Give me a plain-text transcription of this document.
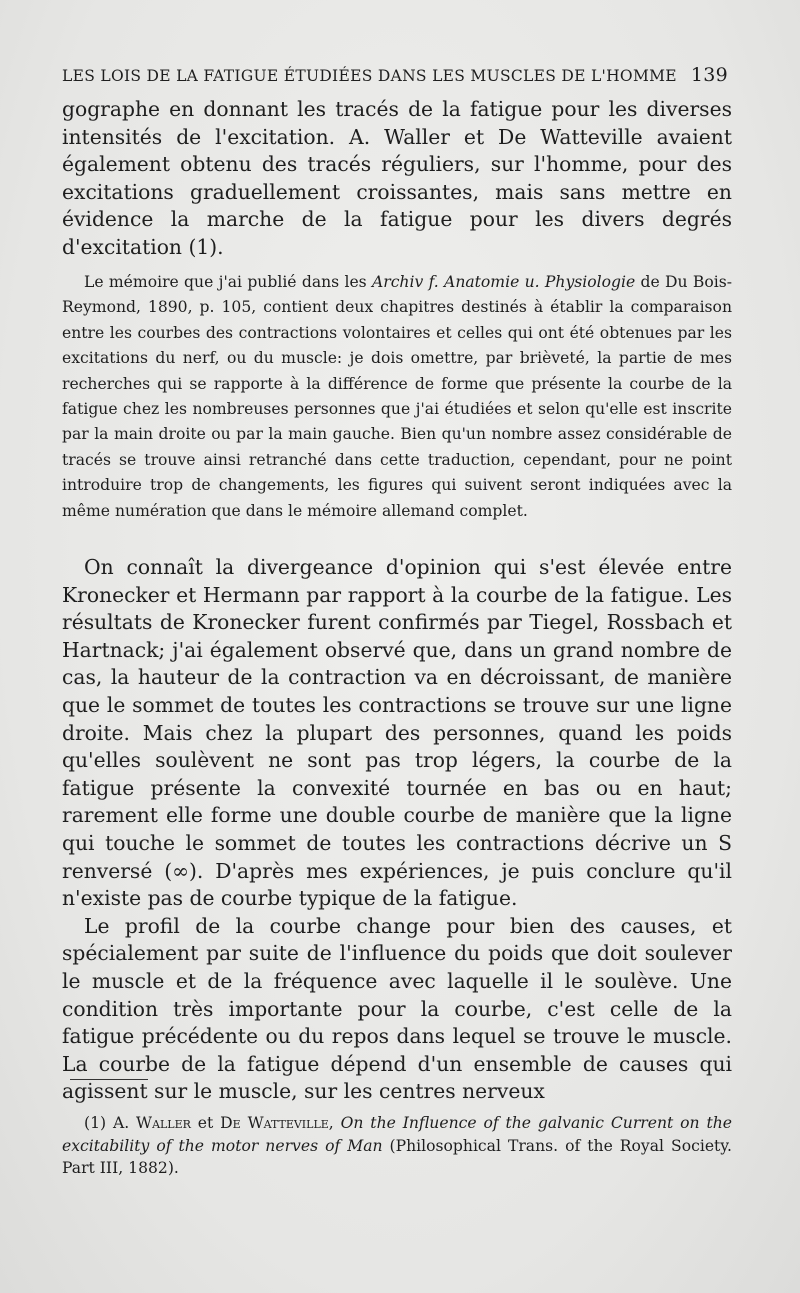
LES LOIS DE LA FATIGUE ÉTUDIÉES DANS LES MUSCLES DE L'HOMME 139

gographe en donnant les tracés de la fatigue pour les diverses intensités de l'excitation. A. Waller et De Watteville avaient également obtenu des tracés réguliers, sur l'homme, pour des excitations graduellement croissantes, mais sans mettre en évidence la marche de la fatigue pour les divers degrés d'excitation (1).

Le mémoire que j'ai publié dans les Archiv f. Anatomie u. Physiologie de Du Bois-Reymond, 1890, p. 105, contient deux chapitres destinés à établir la comparaison entre les courbes des contractions volontaires et celles qui ont été obtenues par les excitations du nerf, ou du muscle: je dois omettre, par brièveté, la partie de mes recherches qui se rapporte à la différence de forme que présente la courbe de la fatigue chez les nombreuses personnes que j'ai étudiées et selon qu'elle est inscrite par la main droite ou par la main gauche. Bien qu'un nombre assez considérable de tracés se trouve ainsi retranché dans cette traduction, cependant, pour ne point introduire trop de changements, les figures qui suivent seront indiquées avec la même numération que dans le mémoire allemand complet.

On connaît la divergeance d'opinion qui s'est élevée entre Kronecker et Hermann par rapport à la courbe de la fatigue. Les résultats de Kronecker furent confirmés par Tiegel, Rossbach et Hartnack; j'ai également observé que, dans un grand nombre de cas, la hauteur de la contraction va en décroissant, de manière que le sommet de toutes les contractions se trouve sur une ligne droite. Mais chez la plupart des personnes, quand les poids qu'elles soulèvent ne sont pas trop légers, la courbe de la fatigue présente la convexité tournée en bas ou en haut; rarement elle forme une double courbe de manière que la ligne qui touche le sommet de toutes les contractions décrive un S renversé (∞). D'après mes expériences, je puis conclure qu'il n'existe pas de courbe typique de la fatigue.

Le profil de la courbe change pour bien des causes, et spécialement par suite de l'influence du poids que doit soulever le muscle et de la fréquence avec laquelle il le soulève. Une condition très importante pour la courbe, c'est celle de la fatigue précédente ou du repos dans lequel se trouve le muscle. La courbe de la fatigue dépend d'un ensemble de causes qui agissent sur le muscle, sur les centres nerveux

(1) A. Waller et De Watteville, On the Influence of the galvanic Current on the excitability of the motor nerves of Man (Philosophical Trans. of the Royal Society. Part III, 1882).
